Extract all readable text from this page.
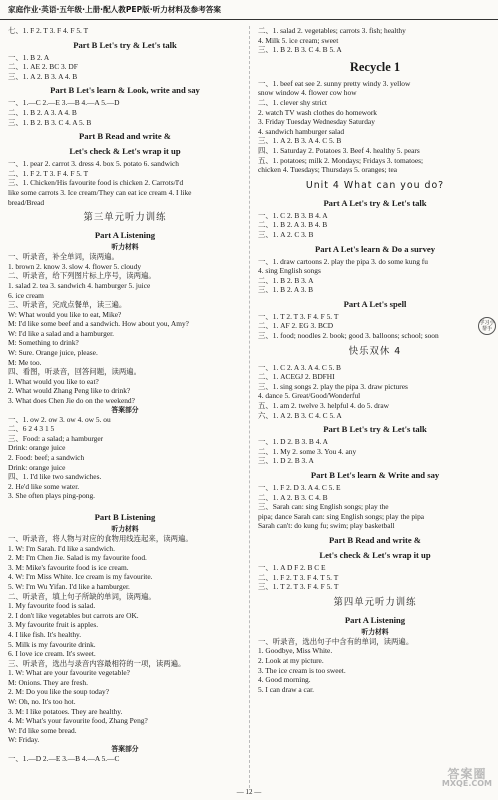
家庭作业·英语·五年级·上册·配人教PEP版·听力材料及参考答案
七、1. F 2. T 3. F 4. F 5. T
Part B Let's try & Let's talk
一、1. B 2. A
二、1. AE 2. BC 3. DF
三、1. A 2. B 3. A 4. B
Part B Let's learn & Look, write and say
一、1.—C 2.—E 3.—B 4.—A 5.—D
二、1. B 2. A 3. A 4. B
三、1. B 2. B 3. C 4. A 5. B
Part B Read and write &
Let's check & Let's wrap it up
一、1. pear 2. carrot 3. dress 4. box 5. potato 6. sandwich
二、1. F 2. T 3. F 4. F 5. T
三、1. Chicken/His favourite food is chicken 2. Carrots/I'd
like some carrots 3. Ice cream/They can eat ice cream 4. I like
bread/Bread
第三单元听力训练
Part A Listening
听力材料
一、听录音，补全单词，读两遍。
1. brown 2. know 3. slow 4. flower 5. cloudy
二、听录音，给下列图片标上序号，读两遍。
1. salad 2. tea 3. sandwich 4. hamburger 5. juice
6. ice cream
三、听录音，完成点餐单，读三遍。
W: What would you like to eat, Mike?
M: I'd like some beef and a sandwich. How about you, Amy?
W: I'd like a salad and a hamburger.
M: Something to drink?
W: Sure. Orange juice, please.
M: Me too.
四、看图，听录音，回答问题，读两遍。
1. What would you like to eat?
2. What would Zhang Peng like to drink?
3. What does Chen Jie do on the weekend?
答案部分
一、1. ow 2. ow 3. ow 4. ow 5. ou
二、6 2 4 3 1 5
三、Food: a salad; a hamburger
Drink: orange juice
2. Food: beef; a sandwich
Drink: orange juice
四、1. I'd like two sandwiches.
2. He'd like some water.
3. She often plays ping-pong.
Part B Listening
听力材料
一、听录音，将人物与对应的食物用线连起来，读两遍。
1. W: I'm Sarah. I'd like a sandwich.
2. M: I'm Chen Jie. Salad is my favourite food.
3. M: Mike's favourite food is ice cream.
4. W: I'm Miss White. Ice cream is my favourite.
5. W: I'm Wu Yifan. I'd like a hamburger.
二、听录音，填上句子所缺的单词，读两遍。
1. My favourite food is salad.
2. I don't like vegetables but carrots are OK.
3. My favourite fruit is apples.
4. I like fish. It's healthy.
5. Milk is my favourite drink.
6. I love ice cream. It's sweet.
三、听录音，选出与录音内容最相符的一项，读两遍。
1. W: What are your favourite vegetable?
M: Onions. They are fresh.
2. M: Do you like the soup today?
W: Oh, no. It's too hot.
3. M: I like potatoes. They are healthy.
4. M: What's your favourite food, Zhang Peng?
W: I'd like some bread.
W: Friday.
答案部分
一、1.—D 2.—E 3.—B 4.—A 5.—C
二、1. salad 2. vegetables; carrots 3. fish; healthy
4. Milk 5. ice cream; sweet
三、1. B 2. B 3. C 4. B 5. A
Recycle 1
一、1. beef eat see 2. sunny pretty windy 3. yellow
snow window 4. flower cow how
二、1. clever shy strict
2. watch TV wash clothes do homework
3. Friday Tuesday Wednesday Saturday
4. sandwich hamburger salad
三、1. A 2. B 3. A 4. C 5. B
四、1. Saturday 2. Potatoes 3. Beef 4. healthy 5. pears
五、1. potatoes; milk 2. Mondays; Fridays 3. tomatoes;
chicken 4. Tuesdays; Thursdays 5. oranges; tea
Unit 4 What can you do?
Part A Let's try & Let's talk
一、1. C 2. B 3. B 4. A
二、1. B 2. A 3. B 4. B
三、1. A 2. C 3. B
Part A Let's learn & Do a survey
一、1. draw cartoons 2. play the pipa 3. do some kung fu
4. sing English songs
二、1. B 2. B 3. A
三、1. B 2. A 3. B
Part A Let's spell
一、1. T 2. T 3. F 4. F 5. T
二、1. AF 2. EG 3. BCD
三、1. food; noodles 2. book; good 3. balloons; school; soon
快乐双休 4
一、1. C 2. A 3. A 4. C 5. B
二、1. ACEGJ 2. BDFHI
三、1. sing songs 2. play the pipa 3. draw pictures
4. dance 5. Great/Good/Wonderful
五、1. am 2. twelve 3. helpful 4. do 5. draw
六、1. A 2. B 3. C 4. C 5. A
Part B Let's try & Let's talk
一、1. D 2. B 3. B 4. A
二、1. My 2. some 3. You 4. any
三、1. D 2. B 3. A
Part B Let's learn & Write and say
一、1. F 2. D 3. A 4. C 5. E
二、1. A 2. B 3. C 4. B
三、Sarah can: sing English songs; play the
pipa; dance Sarah can: sing English songs; play the pipa
Sarah can't: do kung fu; swim; play basketball
Part B Read and write &
Let's check & Let's wrap it up
一、1. A D F 2. B C E
二、1. F 2. T 3. F 4. T 5. T
三、1. T 2. T 3. F 4. F 5. T
第四单元听力训练
Part A Listening
听力材料
一、听录音，选出句子中含有的单词，读两遍。
1. Goodbye, Miss White.
2. Look at my picture.
3. The ice cream is too sweet.
4. Good morning.
5. I can draw a car.
学习小帮手
答案圈
MXQE.COM
— 12 —
